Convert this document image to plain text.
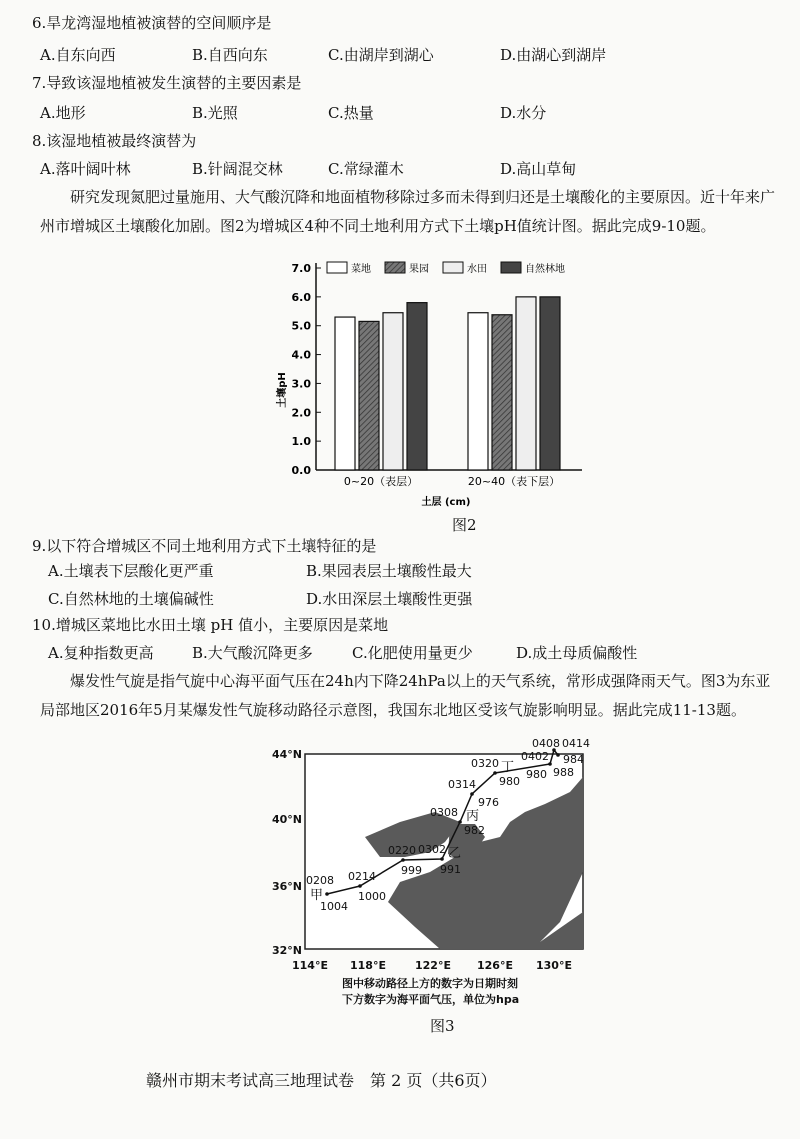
6.旱龙湾湿地植被演替的空间顺序是
A.自东向西	B.自西向东	C.由湖岸到湖心	D.由湖心到湖岸
7.导致该湿地植被发生演替的主要因素是
A.地形	B.光照	C.热量	D.水分
8.该湿地植被最终演替为
A.落叶阔叶林	B.针阔混交林	C.常绿灌木	D.高山草甸
研究发现氮肥过量施用、大气酸沉降和地面植物移除过多而未得到归还是土壤酸化的主要原因。近十年来广州市增城区土壤酸化加剧。图2为增城区4种不同土地利用方式下土壤pH值统计图。据此完成9-10题。
0.0
1.0
2.0
3.0
4.0
5.0
6.0
7.0	菜地	果园	水田	自然林地
0~20（表层）	20~40（表下层）
土层 (cm)
土壤pH
图2
9.以下符合增城区不同土地利用方式下土壤特征的是
A.土壤表下层酸化更严重	B.果园表层土壤酸性最大
C.自然林地的土壤偏碱性	D.水田深层土壤酸性更强
10.增城区菜地比水田土壤 pH 值小，主要原因是菜地
A.复种指数更高	B.大气酸沉降更多	C.化肥使用量更少	D.成土母质偏酸性
爆发性气旋是指气旋中心海平面气压在24h内下降24hPa以上的天气系统，常形成强降雨天气。图3为东亚局部地区2016年5月某爆发性气旋移动路径示意图，我国东北地区受该气旋影响明显。据此完成11-13题。
0208
1004
甲
0214
1000
0220
999
0302
991
乙
0308
982
丙
0314
976
0320
980
丁
0402
980
0408
988
0414
984
44°N
40°N
36°N
32°N
114°E 118°E	122°E 126°E 130°E
图中移动路径上方的数字为日期时刻
下方数字为海平面气压，单位为hpa
图3
赣州市期末考试高三地理试卷　第 2 页（共6页）
